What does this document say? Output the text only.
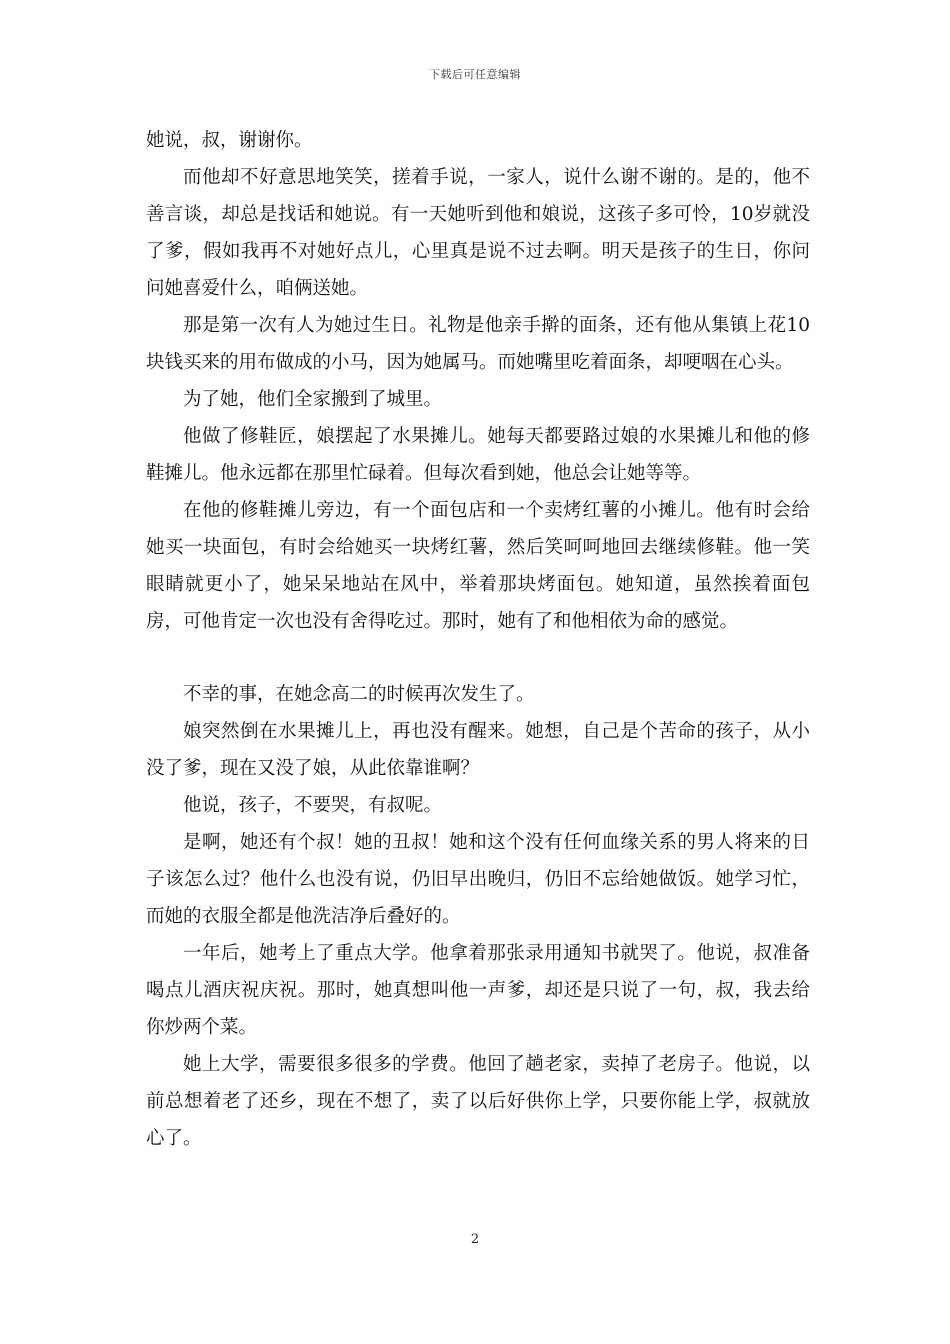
下载后可任意编辑

她说，叔，谢谢你。

而他却不好意思地笑笑，搓着手说，一家人，说什么谢不谢的。是的，他不善言谈，却总是找话和她说。有一天她听到他和娘说，这孩子多可怜，10岁就没了爹，假如我再不对她好点儿，心里真是说不过去啊。明天是孩子的生日，你问问她喜爱什么，咱俩送她。

那是第一次有人为她过生日。礼物是他亲手擀的面条，还有他从集镇上花10块钱买来的用布做成的小马，因为她属马。而她嘴里吃着面条，却哽咽在心头。

为了她，他们全家搬到了城里。

他做了修鞋匠，娘摆起了水果摊儿。她每天都要路过娘的水果摊儿和他的修鞋摊儿。他永远都在那里忙碌着。但每次看到她，他总会让她等等。

在他的修鞋摊儿旁边，有一个面包店和一个卖烤红薯的小摊儿。他有时会给她买一块面包，有时会给她买一块烤红薯，然后笑呵呵地回去继续修鞋。他一笑眼睛就更小了，她呆呆地站在风中，举着那块烤面包。她知道，虽然挨着面包房，可他肯定一次也没有舍得吃过。那时，她有了和他相依为命的感觉。

不幸的事，在她念高二的时候再次发生了。

娘突然倒在水果摊儿上，再也没有醒来。她想，自己是个苦命的孩子，从小没了爹，现在又没了娘，从此依靠谁啊？

他说，孩子，不要哭，有叔呢。

是啊，她还有个叔！她的丑叔！她和这个没有任何血缘关系的男人将来的日子该怎么过？他什么也没有说，仍旧早出晚归，仍旧不忘给她做饭。她学习忙，而她的衣服全都是他洗洁净后叠好的。

一年后，她考上了重点大学。他拿着那张录用通知书就哭了。他说，叔准备喝点儿酒庆祝庆祝。那时，她真想叫他一声爹，却还是只说了一句，叔，我去给你炒两个菜。

她上大学，需要很多很多的学费。他回了趟老家，卖掉了老房子。他说，以前总想着老了还乡，现在不想了，卖了以后好供你上学，只要你能上学，叔就放心了。

2
